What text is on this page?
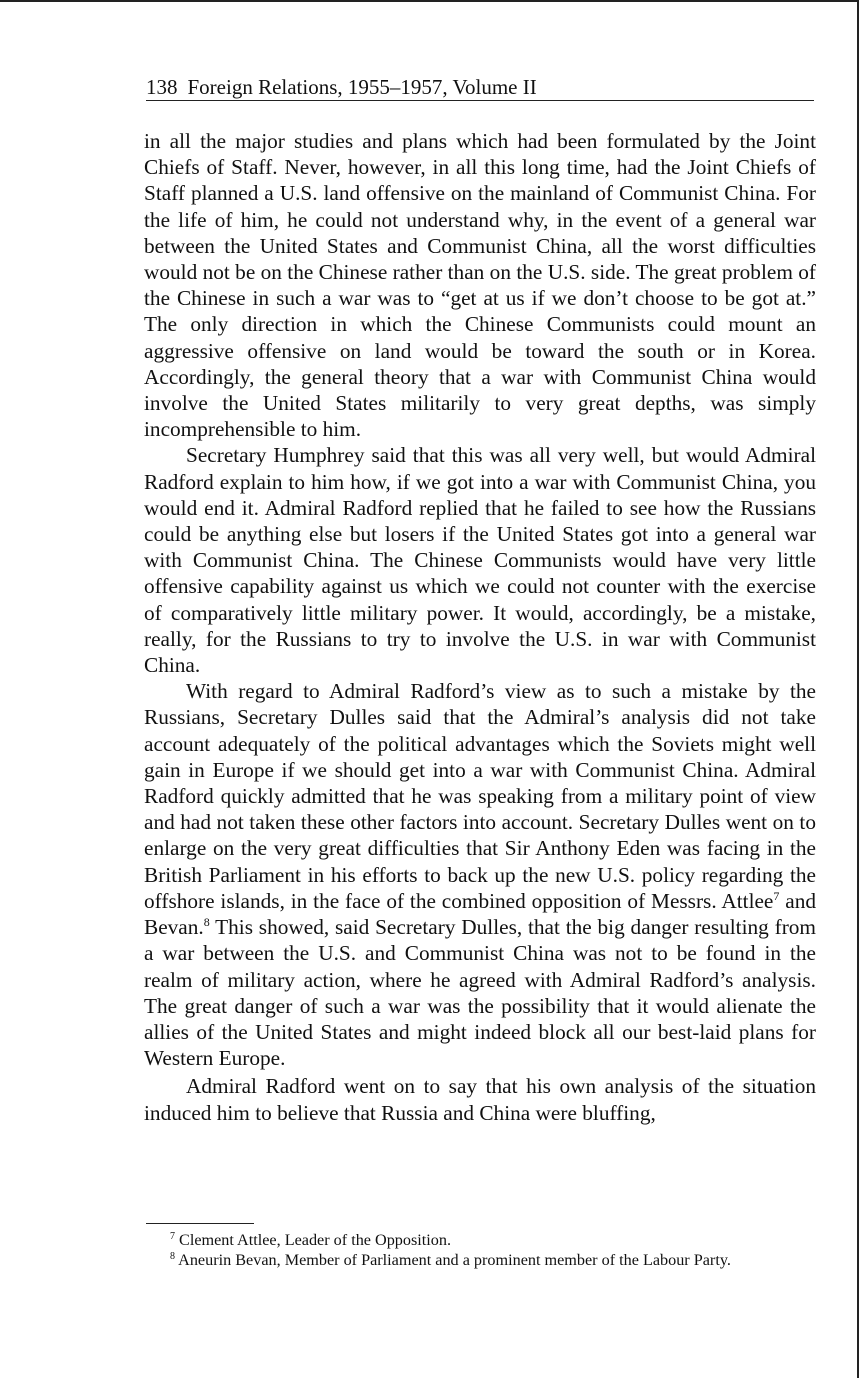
138 Foreign Relations, 1955–1957, Volume II

in all the major studies and plans which had been formulated by the Joint Chiefs of Staff. Never, however, in all this long time, had the Joint Chiefs of Staff planned a U.S. land offensive on the mainland of Communist China. For the life of him, he could not understand why, in the event of a general war between the United States and Communist China, all the worst difficulties would not be on the Chinese rather than on the U.S. side. The great problem of the Chinese in such a war was to “get at us if we don’t choose to be got at.” The only direction in which the Chinese Communists could mount an aggressive offensive on land would be toward the south or in Korea. Accordingly, the general theory that a war with Communist China would involve the United States militarily to very great depths, was simply incomprehensible to him.

Secretary Humphrey said that this was all very well, but would Admiral Radford explain to him how, if we got into a war with Communist China, you would end it. Admiral Radford replied that he failed to see how the Russians could be anything else but losers if the United States got into a general war with Communist China. The Chinese Communists would have very little offensive capability against us which we could not counter with the exercise of comparatively little military power. It would, accordingly, be a mistake, really, for the Russians to try to involve the U.S. in war with Communist China.

With regard to Admiral Radford’s view as to such a mistake by the Russians, Secretary Dulles said that the Admiral’s analysis did not take account adequately of the political advantages which the Soviets might well gain in Europe if we should get into a war with Communist China. Admiral Radford quickly admitted that he was speaking from a military point of view and had not taken these other factors into account. Secretary Dulles went on to enlarge on the very great difficulties that Sir Anthony Eden was facing in the British Parliament in his efforts to back up the new U.S. policy regarding the offshore islands, in the face of the combined opposition of Messrs. Attlee$^7$ and Bevan.$^8$ This showed, said Secretary Dulles, that the big danger resulting from a war between the U.S. and Communist China was not to be found in the realm of military action, where he agreed with Admiral Radford’s analysis. The great danger of such a war was the possibility that it would alienate the allies of the United States and might indeed block all our best-laid plans for Western Europe.

Admiral Radford went on to say that his own analysis of the situation induced him to believe that Russia and China were bluffing,

$^7$ Clement Attlee, Leader of the Opposition.

$^8$ Aneurin Bevan, Member of Parliament and a prominent member of the Labour Party.
